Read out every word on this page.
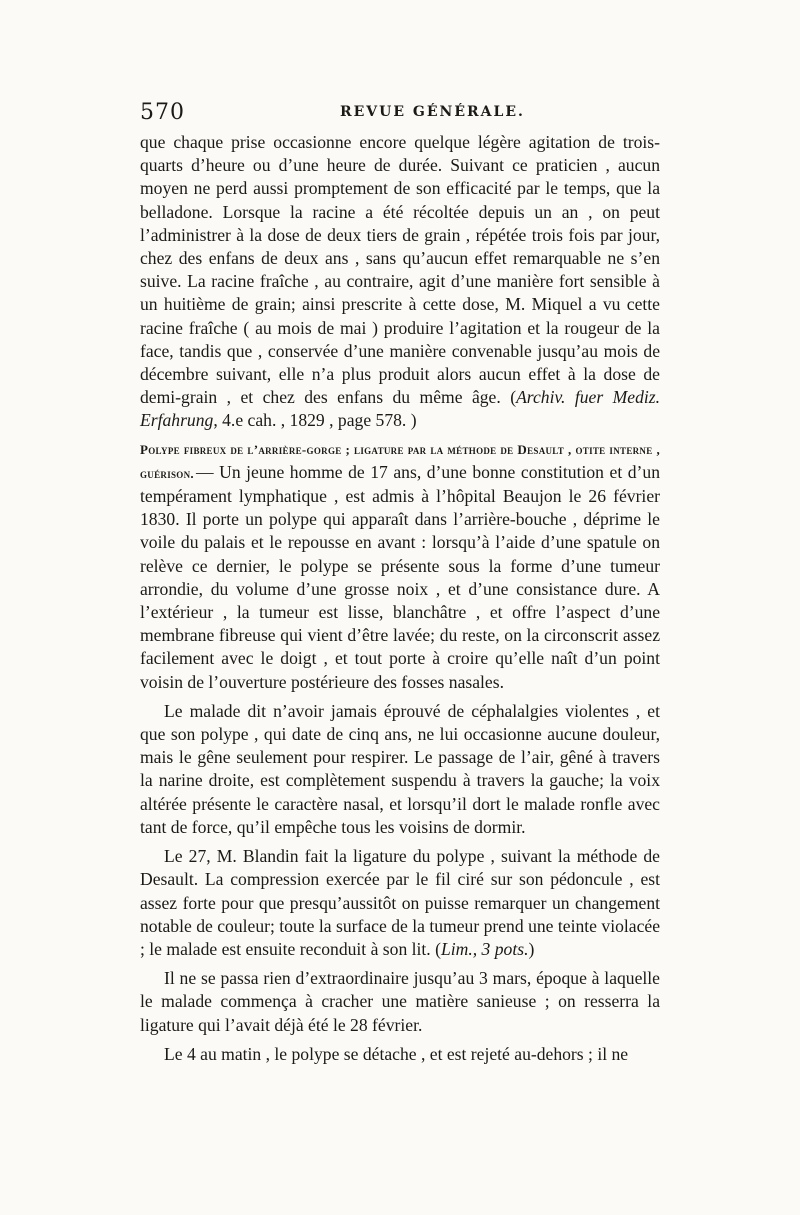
570	REVUE GÉNÉRALE.

que chaque prise occasionne encore quelque légère agitation de trois-quarts d’heure ou d’une heure de durée. Suivant ce praticien , aucun moyen ne perd aussi promptement de son efficacité par le temps, que la belladone. Lorsque la racine a été récoltée depuis un an , on peut l’administrer à la dose de deux tiers de grain , répétée trois fois par jour, chez des enfans de deux ans , sans qu’aucun effet remarquable ne s’en suive. La racine fraîche , au contraire, agit d’une manière fort sensible à un huitième de grain; ainsi prescrite à cette dose, M. Miquel a vu cette racine fraîche ( au mois de mai ) produire l’agitation et la rougeur de la face, tandis que , conservée d’une manière convenable jusqu’au mois de décembre suivant, elle n’a plus produit alors aucun effet à la dose de demi-grain , et chez des enfans du même âge. (Archiv. fuer Mediz. Erfahrung, 4.e cah. , 1829 , page 578. )

Polype fibreux de l’arrière-gorge ; ligature par la méthode de Desault , otite interne , guérison. — Un jeune homme de 17 ans, d’une bonne constitution et d’un tempérament lymphatique , est admis à l’hôpital Beaujon le 26 février 1830. Il porte un polype qui apparaît dans l’arrière-bouche , déprime le voile du palais et le repousse en avant : lorsqu’à l’aide d’une spatule on relève ce dernier, le polype se présente sous la forme d’une tumeur arrondie, du volume d’une grosse noix , et d’une consistance dure. A l’extérieur , la tumeur est lisse, blanchâtre , et offre l’aspect d’une membrane fibreuse qui vient d’être lavée; du reste, on la circonscrit assez facilement avec le doigt , et tout porte à croire qu’elle naît d’un point voisin de l’ouverture postérieure des fosses nasales.

Le malade dit n’avoir jamais éprouvé de céphalalgies violentes , et que son polype , qui date de cinq ans, ne lui occasionne aucune douleur, mais le gêne seulement pour respirer. Le passage de l’air, gêné à travers la narine droite, est complètement suspendu à travers la gauche; la voix altérée présente le caractère nasal, et lorsqu’il dort le malade ronfle avec tant de force, qu’il empêche tous les voisins de dormir.

Le 27, M. Blandin fait la ligature du polype , suivant la méthode de Desault. La compression exercée par le fil ciré sur son pédoncule , est assez forte pour que presqu’aussitôt on puisse remarquer un changement notable de couleur; toute la surface de la tumeur prend une teinte violacée ; le malade est ensuite reconduit à son lit. (Lim., 3 pots.)

Il ne se passa rien d’extraordinaire jusqu’au 3 mars, époque à laquelle le malade commença à cracher une matière sanieuse ; on resserra la ligature qui l’avait déjà été le 28 février.

Le 4 au matin , le polype se détache , et est rejeté au-dehors ; il ne
